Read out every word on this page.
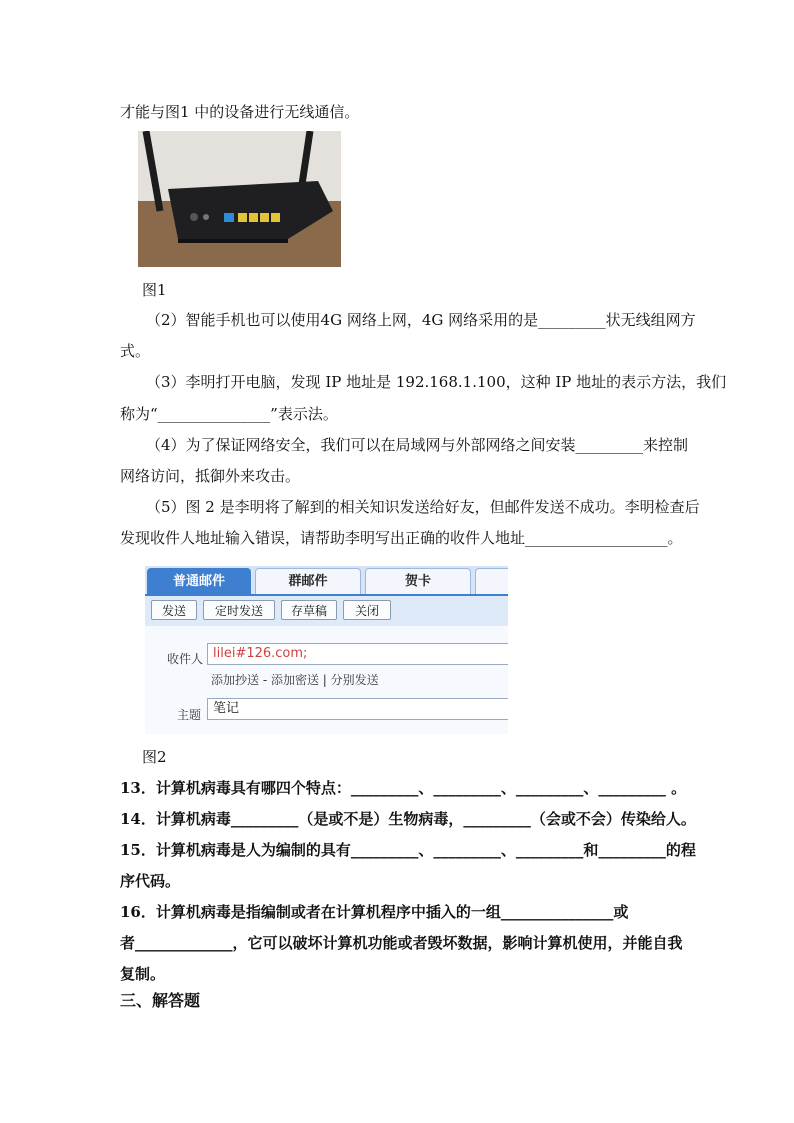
才能与图1 中的设备进行无线通信。
图1
（2）智能手机也可以使用4G 网络上网，4G 网络采用的是_________状无线组网方
式。
（3）李明打开电脑，发现 IP 地址是 192.168.1.100，这种 IP 地址的表示方法，我们
称为“_______________”表示法。
（4）为了保证网络安全，我们可以在局域网与外部网络之间安装_________来控制
网络访问，抵御外来攻击。
（5）图 2 是李明将了解到的相关知识发送给好友，但邮件发送不成功。李明检查后
发现收件人地址输入错误，请帮助李明写出正确的收件人地址___________________。
普通邮件	群邮件	贺卡
发送	定时发送	存草稿	关闭
收件人 lilei#126.com;
添加抄送 - 添加密送 | 分别发送
主题 笔记
图2
13．计算机病毒具有哪四个特点：_________、_________、_________、_________ 。
14．计算机病毒_________（是或不是）生物病毒，_________（会或不会）传染给人。
15．计算机病毒是人为编制的具有_________、_________、_________和_________的程
序代码。
16．计算机病毒是指编制或者在计算机程序中插入的一组_______________或
者_____________，它可以破坏计算机功能或者毁坏数据，影响计算机使用，并能自我
复制。
三、解答题
